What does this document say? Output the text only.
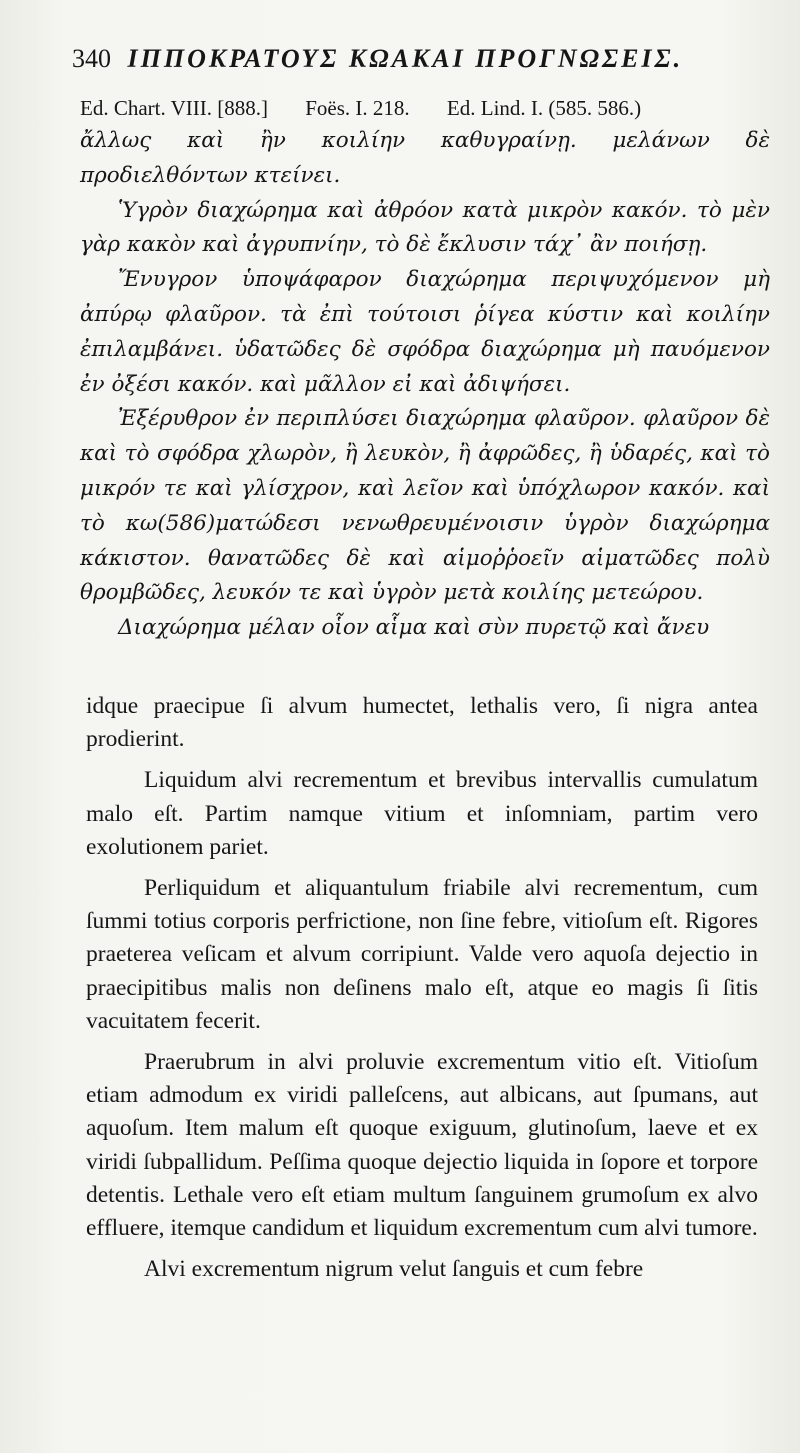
340 ΙΠΠΟΚΡΑΤΟΥΣ ΚΩΑΚΑΙ ΠΡΟΓΝΩΣΕΙΣ.
Ed. Chart. VIII. [888.] Foës. I. 218. Ed. Lind. I. (585. 586.)

ἄλλως καὶ ἢν κοιλίην καθυγραίνῃ. μελάνων δὲ προδιελθόντων κτείνει.

Ὑγρὸν διαχώρημα καὶ ἀθρόον κατὰ μικρὸν κακόν. τὸ μὲν γὰρ κακὸν καὶ ἀγρυπνίην, τὸ δὲ ἔκλυσιν τάχ᾽ ἂν ποιήσῃ.

Ἔνυγρον ὑποψάφαρον διαχώρημα περιψυχόμενον μὴ ἀπύρῳ φλαῦρον. τὰ ἐπὶ τούτοισι ῥίγεα κύστιν καὶ κοιλίην ἐπιλαμβάνει. ὑδατῶδες δὲ σφόδρα διαχώρημα μὴ παυόμενον ἐν ὀξέσι κακόν. καὶ μᾶλλον εἰ καὶ ἀδιψήσει.

Ἐξέρυθρον ἐν περιπλύσει διαχώρημα φλαῦρον. φλαῦρον δὲ καὶ τὸ σφόδρα χλωρὸν, ἢ λευκὸν, ἢ ἀφρῶδες, ἢ ὑδαρές, καὶ τὸ μικρόν τε καὶ γλίσχρον, καὶ λεῖον καὶ ὑπόχλωρον κακόν. καὶ τὸ κω(586)ματώδεσι νενωθρευμένοισιν ὑγρὸν διαχώρημα κάκιστον. θανατῶδες δὲ καὶ αἱμοῤῥοεῖν αἱματῶδες πολὺ θρομβῶδες, λευκόν τε καὶ ὑγρὸν μετὰ κοιλίης μετεώρου.

Διαχώρημα μέλαν οἷον αἷμα καὶ σὺν πυρετῷ καὶ ἄνευ

idque praecipue ſi alvum humectet, lethalis vero, ſi nigra antea prodierint.

Liquidum alvi recrementum et brevibus intervallis cumulatum malo eſt. Partim namque vitium et inſomniam, partim vero exolutionem pariet.

Perliquidum et aliquantulum friabile alvi recrementum, cum ſummi totius corporis perfrictione, non ſine febre, vitioſum eſt. Rigores praeterea veſicam et alvum corripiunt. Valde vero aquoſa dejectio in praecipitibus malis non deſinens malo eſt, atque eo magis ſi ſitis vacuitatem fecerit.

Praerubrum in alvi proluvie excrementum vitio eſt. Vitioſum etiam admodum ex viridi palleſcens, aut albicans, aut ſpumans, aut aquoſum. Item malum eſt quoque exiguum, glutinoſum, laeve et ex viridi ſubpallidum. Peſſima quoque dejectio liquida in ſopore et torpore detentis. Lethale vero eſt etiam multum ſanguinem grumoſum ex alvo effluere, itemque candidum et liquidum excrementum cum alvi tumore.

Alvi excrementum nigrum velut ſanguis et cum febre
